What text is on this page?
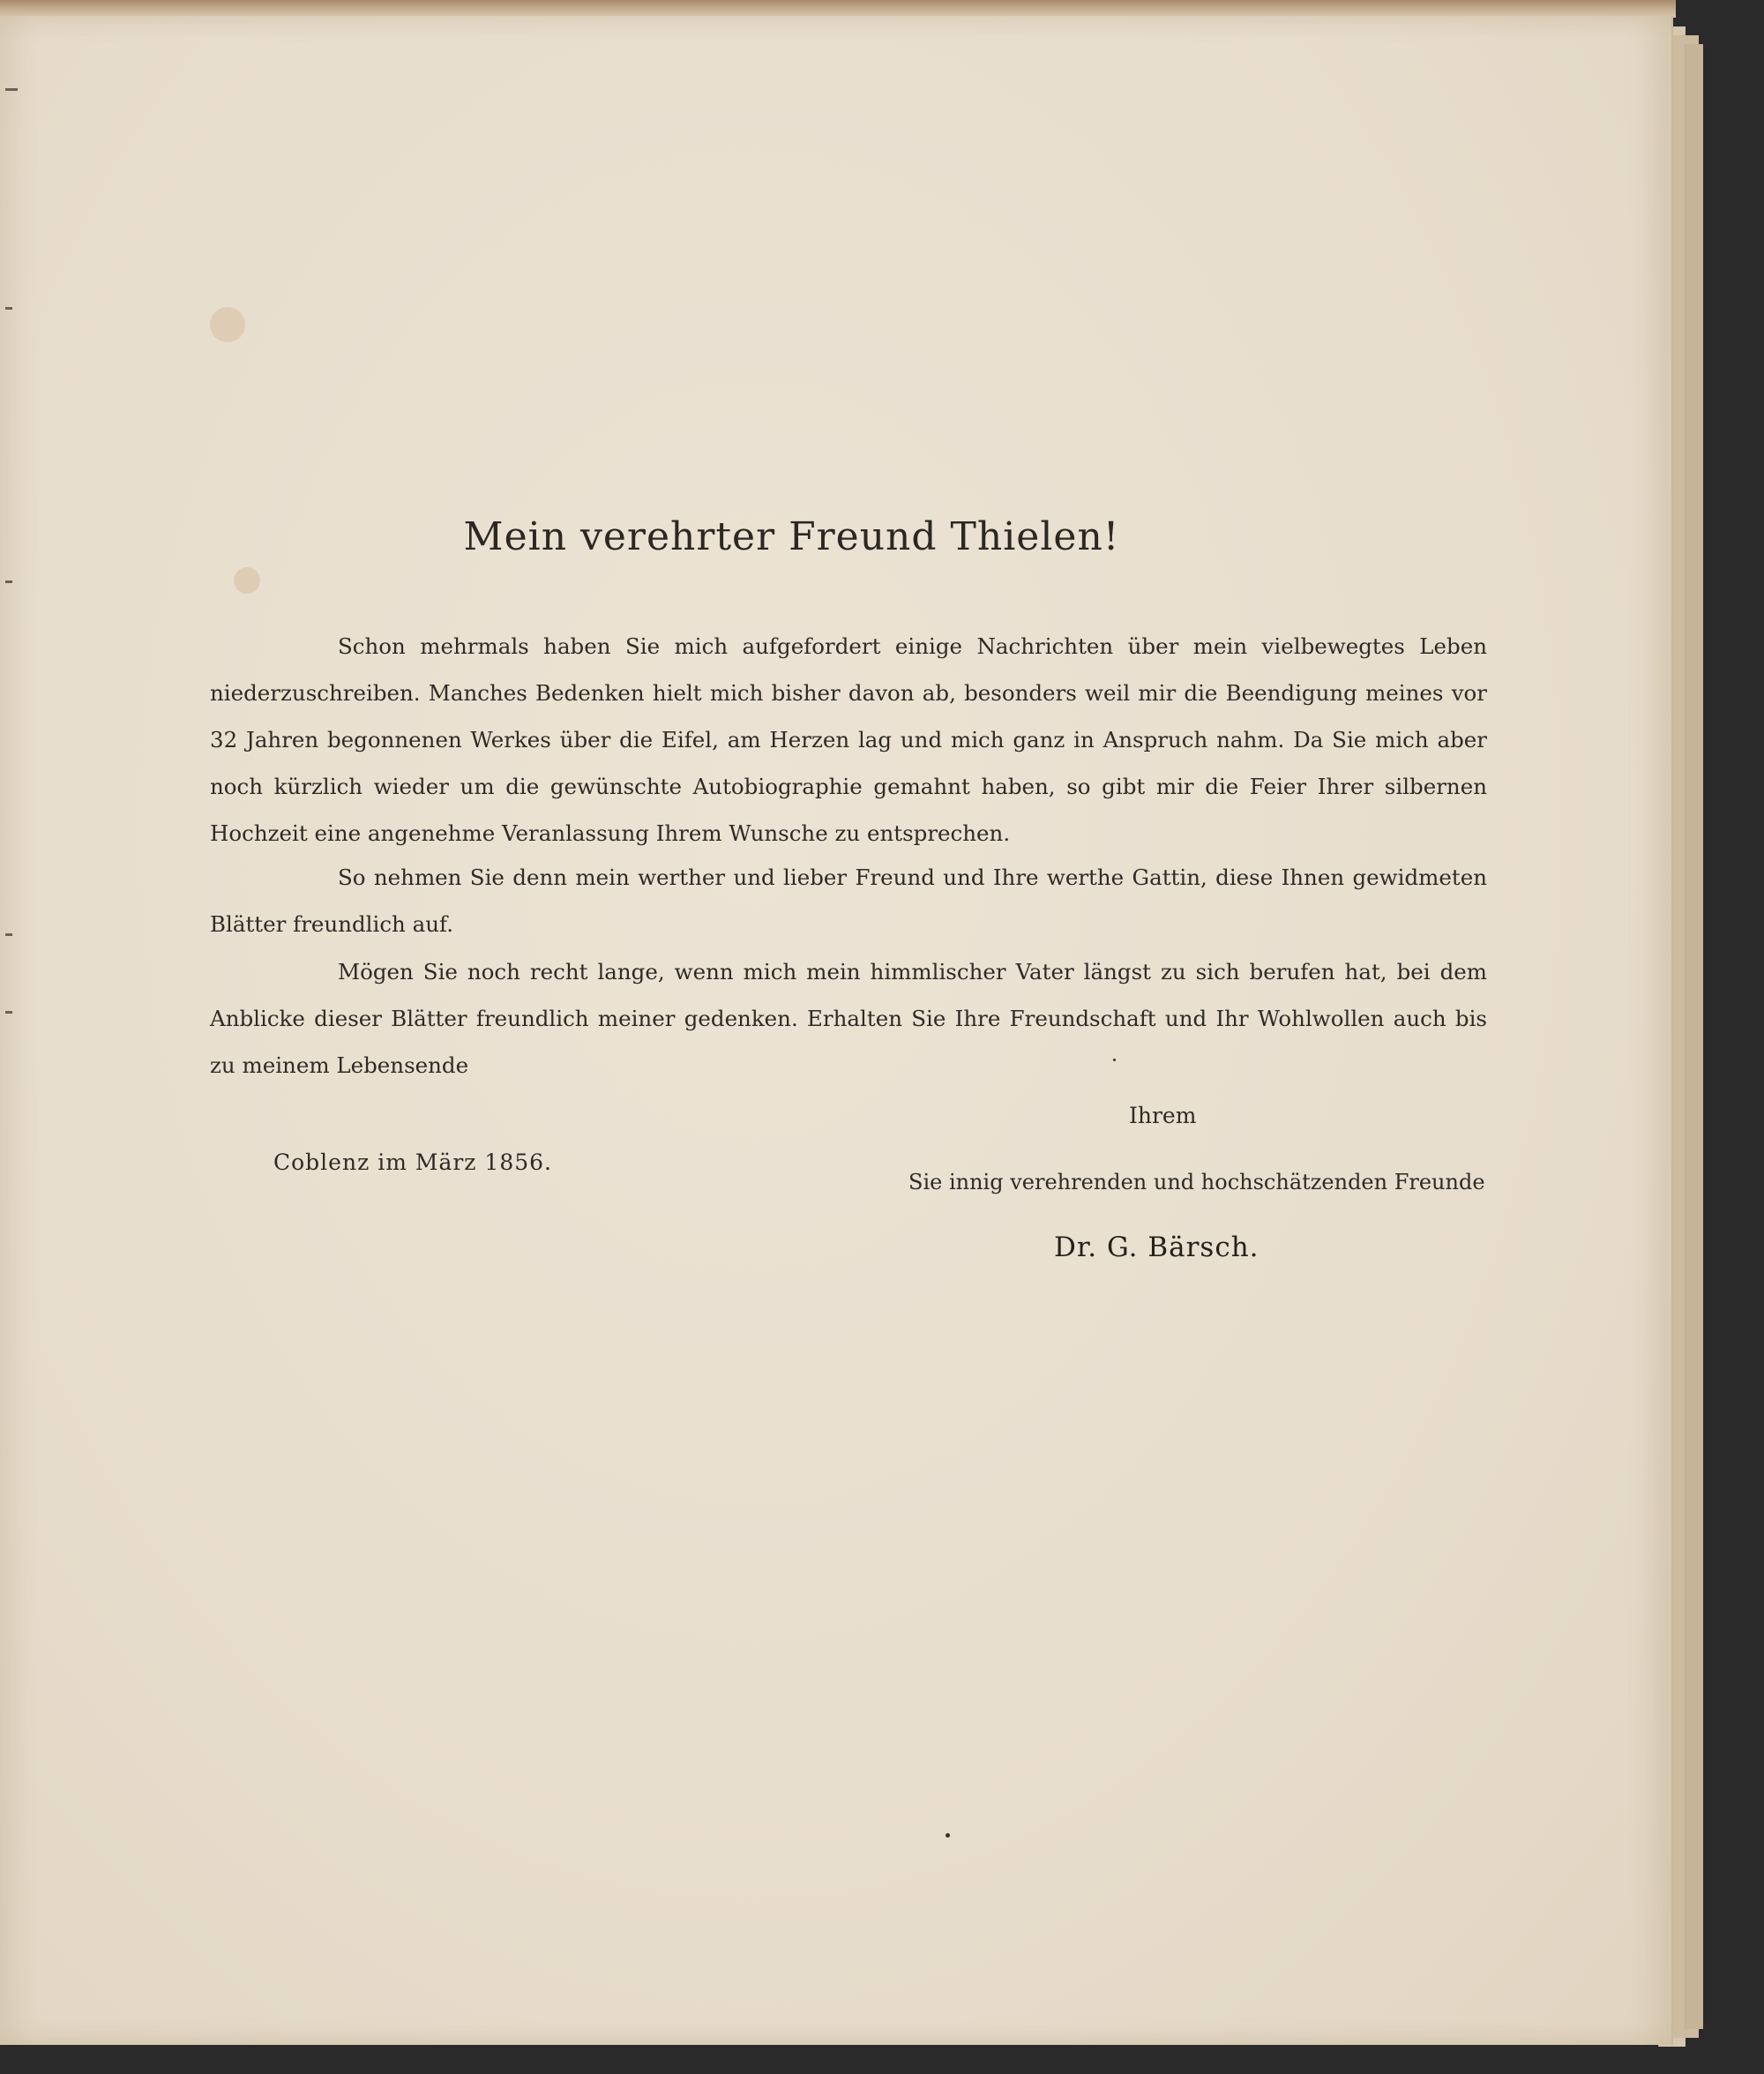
Mein verehrter Freund Thielen!

Schon mehrmals haben Sie mich aufgefordert einige Nachrichten über mein vielbewegtes Leben niederzuschreiben. Manches Bedenken hielt mich bisher davon ab, besonders weil mir die Beendigung meines vor 32 Jahren begonnenen Werkes über die Eifel, am Herzen lag und mich ganz in Anspruch nahm. Da Sie mich aber noch kürzlich wieder um die gewünschte Autobiographie gemahnt haben, so gibt mir die Feier Ihrer silbernen Hochzeit eine angenehme Veranlassung Ihrem Wunsche zu entsprechen.

So nehmen Sie denn mein werther und lieber Freund und Ihre werthe Gattin, diese Ihnen gewidmeten Blätter freundlich auf.

Mögen Sie noch recht lange, wenn mich mein himmlischer Vater längst zu sich berufen hat, bei dem Anblicke dieser Blätter freundlich meiner gedenken. Erhalten Sie Ihre Freundschaft und Ihr Wohlwollen auch bis zu meinem Lebensende

Ihrem
Coblenz im März 1856.
Sie innig verehrenden und hochschätzenden Freunde
Dr. G. Bärsch.
